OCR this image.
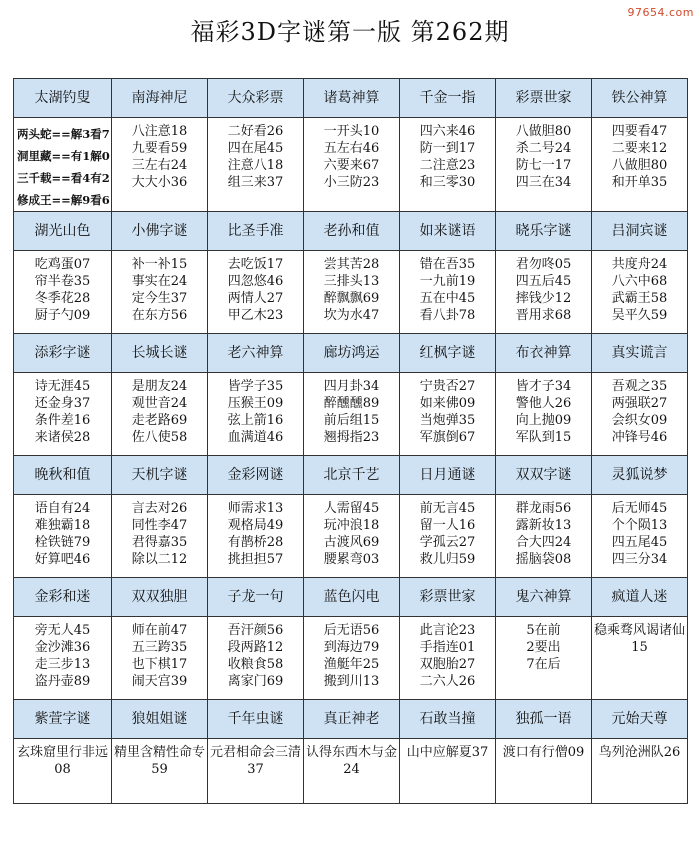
97654.com
福彩3D字谜第一版 第262期
太湖钓叟	南海神尼	大众彩票	诸葛神算	千金一指	彩票世家	铁公神算

两头蛇==解3看7
洞里藏==有1解0
三千载==看4有2
修成王==解9看6	八注意18
九要看59
三左右24
大大小36	二好看26
四在尾45
注意八18
组三来37	一开头10
五左右46
六要来67
小三防23	四六来46
防一到17
二注意23
和三零30	八做胆80
杀二号24
防七一17
四三在34	四要看47
二要来12
八做胆80
和开单35

湖光山色	小佛字谜	比圣手准	老孙和值	如来谜语	晓乐字谜	吕洞宾谜

吃鸡蛋07
帘半卷35
冬季花28
厨子勺09	补一补15
事实在24
定今生37
在东方56	去吃饭17
四忽悠46
两情人27
甲乙木23	尝其苦28
三排头13
醉飘飘69
坎为水47	错在吾35
一九前19
五在中45
看八卦78	君勿咚05
四五后45
摔钱少12
晋用求68	共度舟24
八六中68
武霸王58
吴平久59

添彩字谜	长城长谜	老六神算	廊坊鸿运	红枫字谜	布衣神算	真实谎言

诗无涯45
还金身37
条件差16
来诸侯28	是朋友24
观世音24
走老路69
佐八使58	皆学子35
压猴王09
弦上箭16
血满道46	四月卦34
醉醺醺89
前后组15
翘拇指23	宁贵否27
如来佛09
当炮弹35
军旗倒67	皆才子34
警他人26
向上抛09
军队到15	吾观之35
两强联27
会织女09
冲锋号46

晚秋和值	天机字谜	金彩网谜	北京千艺	日月通谜	双双字谜	灵狐说梦

语自有24
难独霸18
栓铁链79
好算吧46	言去对26
同性李47
君得嘉35
除以二12	师需求13
观格局49
有鹊桥28
挑担担57	人需留45
玩冲浪18
古渡风69
腰累弯03	前无言45
留一人16
学孤云27
救儿归59	群龙雨56
露新妆13
合大四24
摇脑袋08	后无师45
个个陨13
四五尾45
四三分34

金彩和迷	双双独胆	子龙一句	蓝色闪电	彩票世家	鬼六神算	疯道人迷

旁无人45
金沙滩36
走三步13
盗丹壶89	师在前47
五三跨35
也下棋17
闹天宫39	吾汗颜56
段两路12
收粮食58
离家门69	后无语56
到海边79
渔艇年25
搬到川13	此言论23
手指连01
双胞胎27
二六人26	5在前
2要出
7在后	稳乘骛风谒诸仙15

紫萱字谜	狼姐姐谜	千年虫谜	真正神老	石敢当撞	独孤一语	元始天尊

玄珠窟里行非远08	精里含精性命专59	元君相命会三清37	认得东西木与金24	山中应解夏37	渡口有行僧09	鸟列沧洲队26
